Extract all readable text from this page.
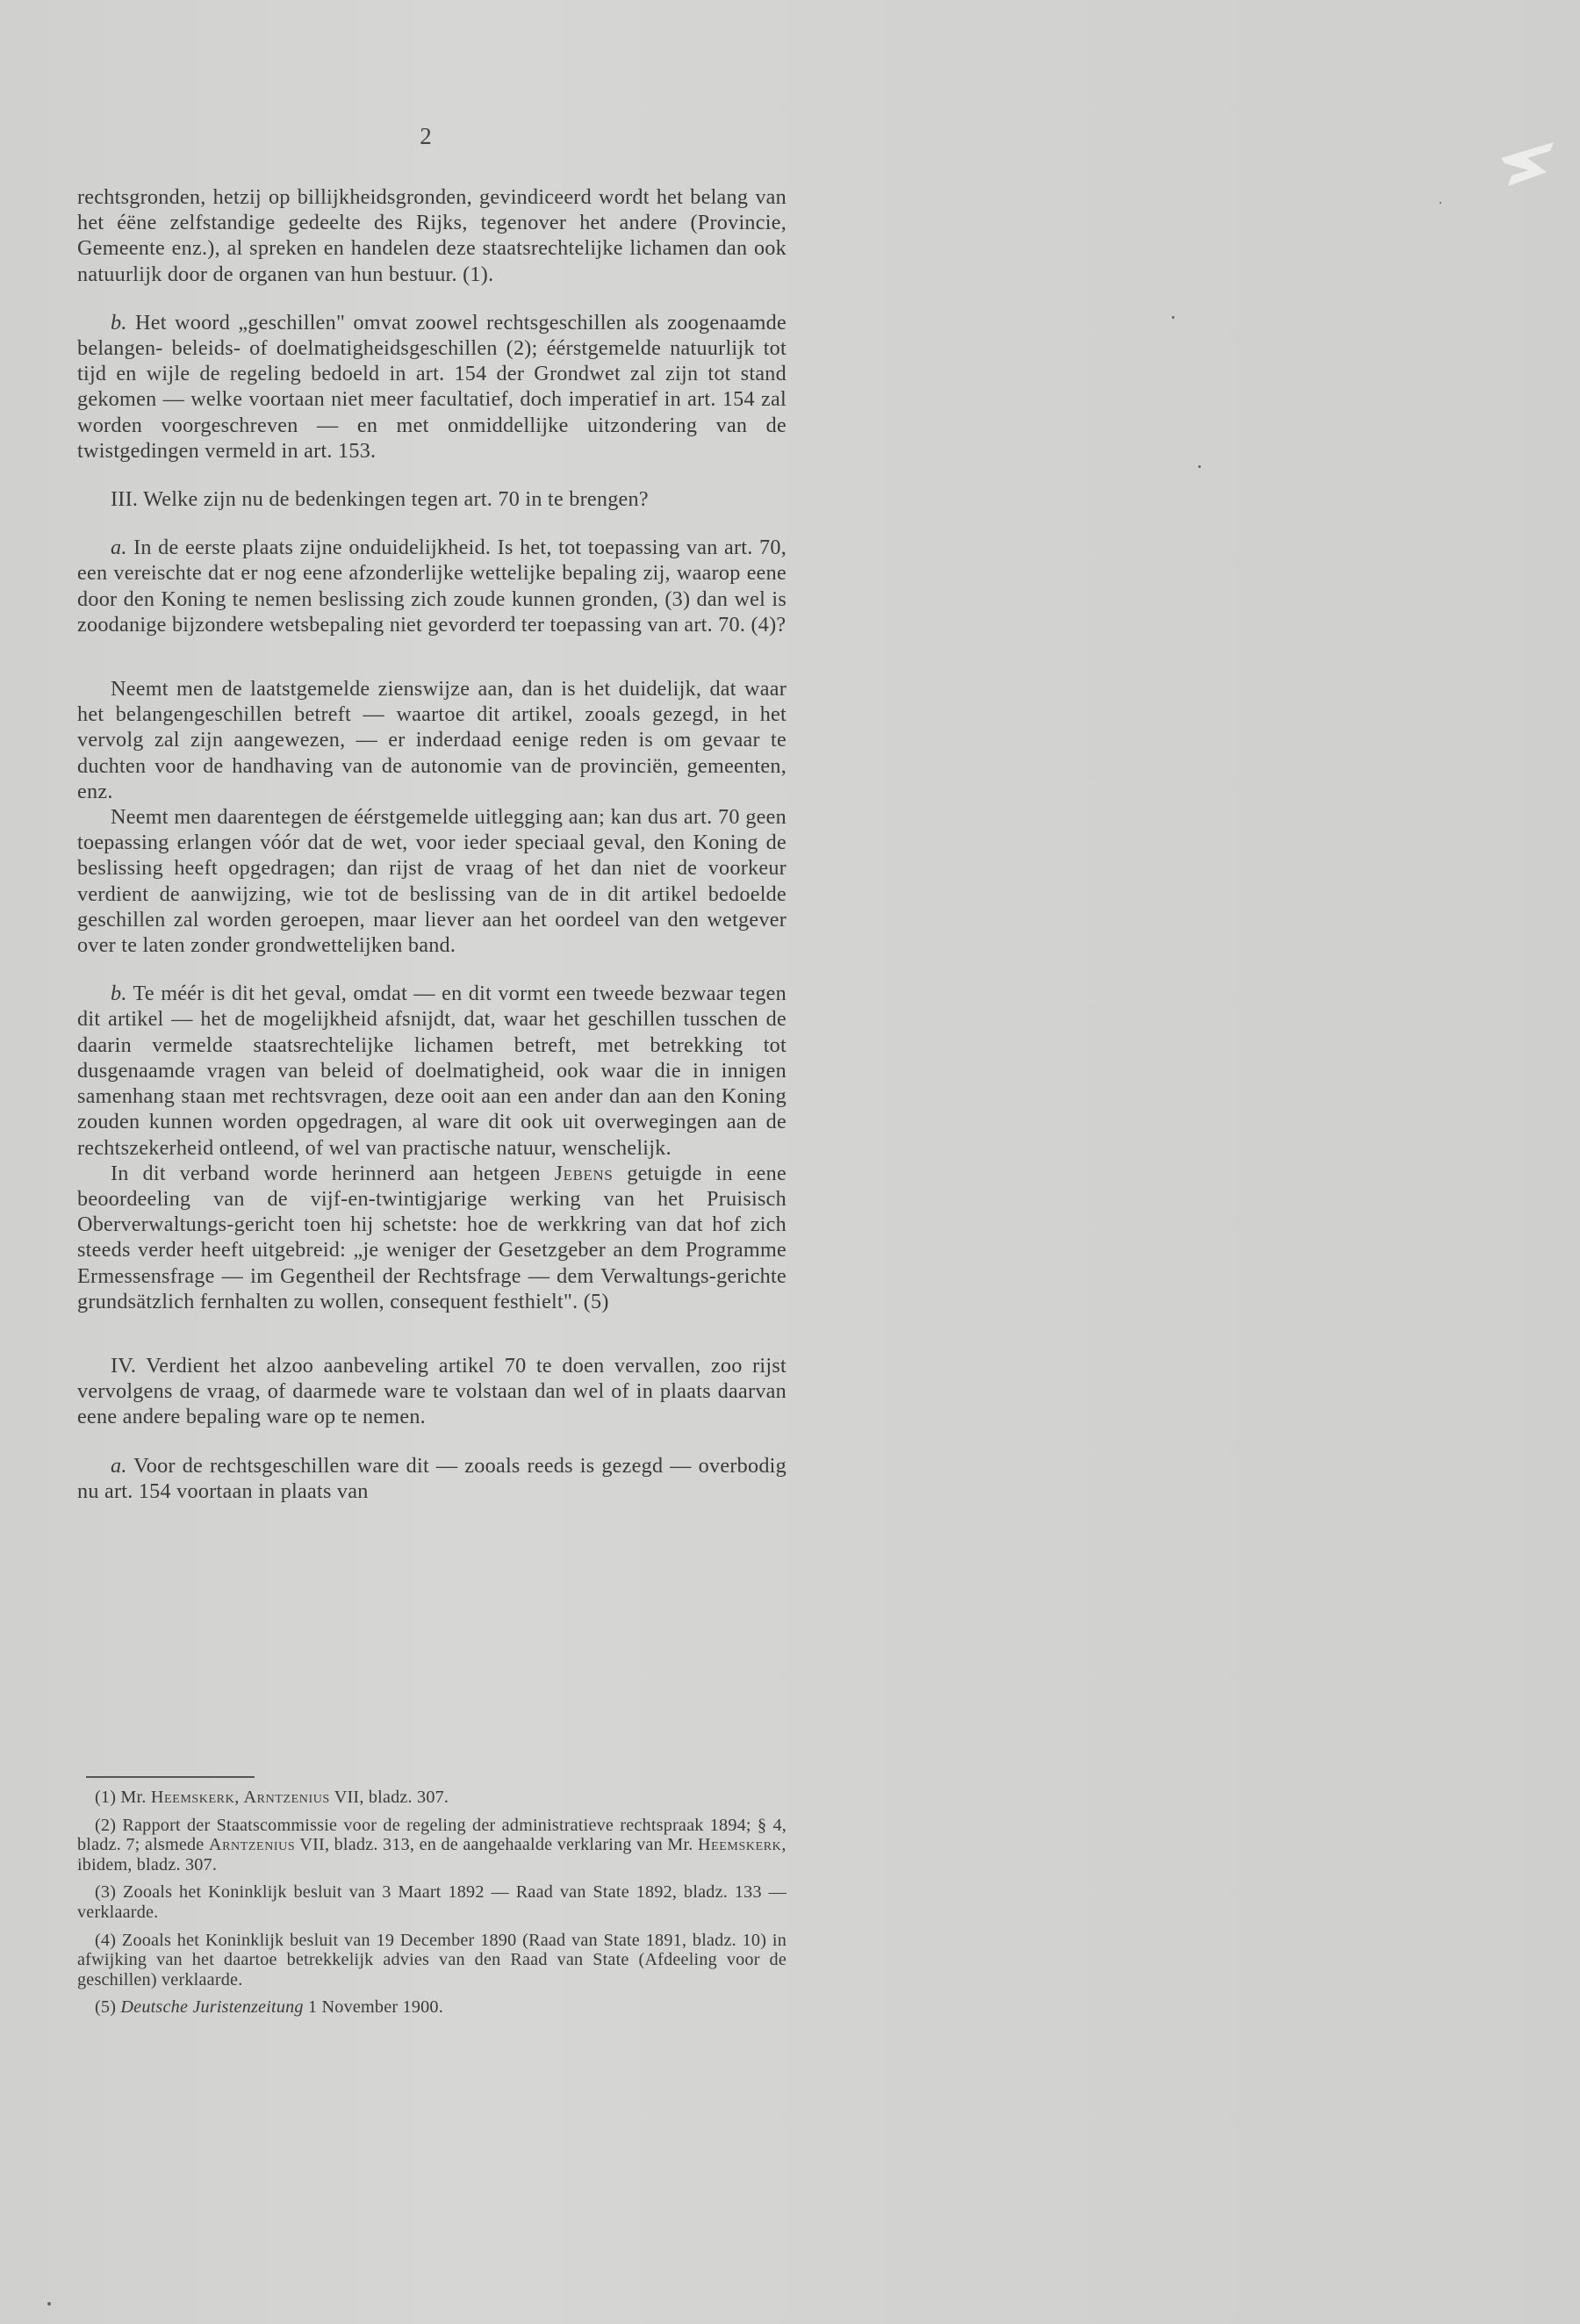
2

rechtsgronden, hetzij op billijkheidsgronden, gevindiceerd wordt het belang van het éëne zelfstandige gedeelte des Rijks, tegenover het andere (Provincie, Gemeente enz.), al spreken en handelen deze staatsrechtelijke lichamen dan ook natuurlijk door de organen van hun bestuur. (1).

b. Het woord „geschillen" omvat zoowel rechtsgeschillen als zoogenaamde belangen- beleids- of doelmatigheidsgeschillen (2); éérstgemelde natuurlijk tot tijd en wijle de regeling bedoeld in art. 154 der Grondwet zal zijn tot stand gekomen — welke voortaan niet meer facultatief, doch imperatief in art. 154 zal worden voorgeschreven — en met onmiddellijke uitzondering van de twistgedingen vermeld in art. 153.

III. Welke zijn nu de bedenkingen tegen art. 70 in te brengen?

a. In de eerste plaats zijne onduidelijkheid. Is het, tot toepassing van art. 70, een vereischte dat er nog eene afzonderlijke wettelijke bepaling zij, waarop eene door den Koning te nemen beslissing zich zoude kunnen gronden, (3) dan wel is zoodanige bijzondere wetsbepaling niet gevorderd ter toepassing van art. 70. (4)?

Neemt men de laatstgemelde zienswijze aan, dan is het duidelijk, dat waar het belangengeschillen betreft — waartoe dit artikel, zooals gezegd, in het vervolg zal zijn aangewezen, — er inderdaad eenige reden is om gevaar te duchten voor de handhaving van de autonomie van de provinciën, gemeenten, enz.

Neemt men daarentegen de éérstgemelde uitlegging aan; kan dus art. 70 geen toepassing erlangen vóór dat de wet, voor ieder speciaal geval, den Koning de beslissing heeft opgedragen; dan rijst de vraag of het dan niet de voorkeur verdient de aanwijzing, wie tot de beslissing van de in dit artikel bedoelde geschillen zal worden geroepen, maar liever aan het oordeel van den wetgever over te laten zonder grondwettelijken band.

b. Te méér is dit het geval, omdat — en dit vormt een tweede bezwaar tegen dit artikel — het de mogelijkheid afsnijdt, dat, waar het geschillen tusschen de daarin vermelde staatsrechtelijke lichamen betreft, met betrekking tot dusgenaamde vragen van beleid of doelmatigheid, ook waar die in innigen samenhang staan met rechtsvragen, deze ooit aan een ander dan aan den Koning zouden kunnen worden opgedragen, al ware dit ook uit overwegingen aan de rechtszekerheid ontleend, of wel van practische natuur, wenschelijk.

In dit verband worde herinnerd aan hetgeen Jebens getuigde in eene beoordeeling van de vijf-en-twintigjarige werking van het Pruisisch Oberverwaltungs-gericht toen hij schetste: hoe de werkkring van dat hof zich steeds verder heeft uitgebreid: „je weniger der Gesetzgeber an dem Programme Ermessensfrage — im Gegentheil der Rechtsfrage — dem Verwaltungs-gerichte grundsätzlich fernhalten zu wollen, consequent festhielt". (5)

IV. Verdient het alzoo aanbeveling artikel 70 te doen vervallen, zoo rijst vervolgens de vraag, of daarmede ware te volstaan dan wel of in plaats daarvan eene andere bepaling ware op te nemen.

a. Voor de rechtsgeschillen ware dit — zooals reeds is gezegd — overbodig nu art. 154 voortaan in plaats van

(1) Mr. Heemskerk, Arntzenius VII, bladz. 307.

(2) Rapport der Staatscommissie voor de regeling der administratieve rechtspraak 1894; § 4, bladz. 7; alsmede Arntzenius VII, bladz. 313, en de aangehaalde verklaring van Mr. Heemskerk, ibidem, bladz. 307.

(3) Zooals het Koninklijk besluit van 3 Maart 1892 — Raad van State 1892, bladz. 133 — verklaarde.

(4) Zooals het Koninklijk besluit van 19 December 1890 (Raad van State 1891, bladz. 10) in afwijking van het daartoe betrekkelijk advies van den Raad van State (Afdeeling voor de geschillen) verklaarde.

(5) Deutsche Juristenzeitung 1 November 1900.
